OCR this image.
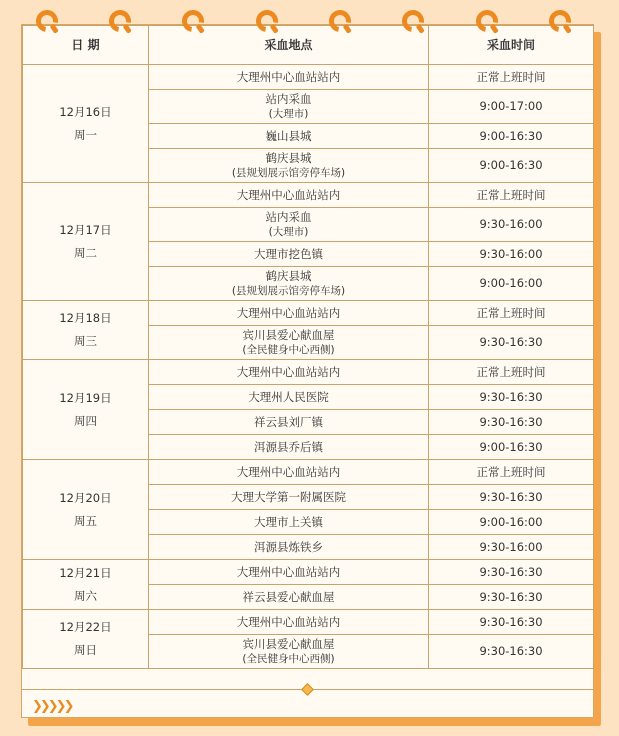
日 期	采血地点	采血时间

12月16日
周一	大理州中心血站站内	正常上班时间
	站内采血
(大理市)	9:00-17:00
	巍山县城	9:00-16:30
	鹤庆县城
(县规划展示馆旁停车场)	9:00-16:30

12月17日
周二	大理州中心血站站内	正常上班时间
	站内采血
(大理市)	9:30-16:00
	大理市挖色镇	9:30-16:00
	鹤庆县城
(县规划展示馆旁停车场)	9:00-16:00

12月18日
周三	大理州中心血站站内	正常上班时间
	宾川县爱心献血屋
(全民健身中心西侧)	9:30-16:30

12月19日
周四	大理州中心血站站内	正常上班时间
	大理州人民医院	9:30-16:30
	祥云县刘厂镇	9:30-16:30
	洱源县乔后镇	9:00-16:30

12月20日
周五	大理州中心血站站内	正常上班时间
	大理大学第一附属医院	9:30-16:30
	大理市上关镇	9:00-16:00
	洱源县炼铁乡	9:30-16:00

12月21日
周六	大理州中心血站站内	9:30-16:30
	祥云县爱心献血屋	9:30-16:30

12月22日
周日	大理州中心血站站内	9:30-16:30
	宾川县爱心献血屋
(全民健身中心西侧)	9:30-16:30
❯❯❯❯❯
